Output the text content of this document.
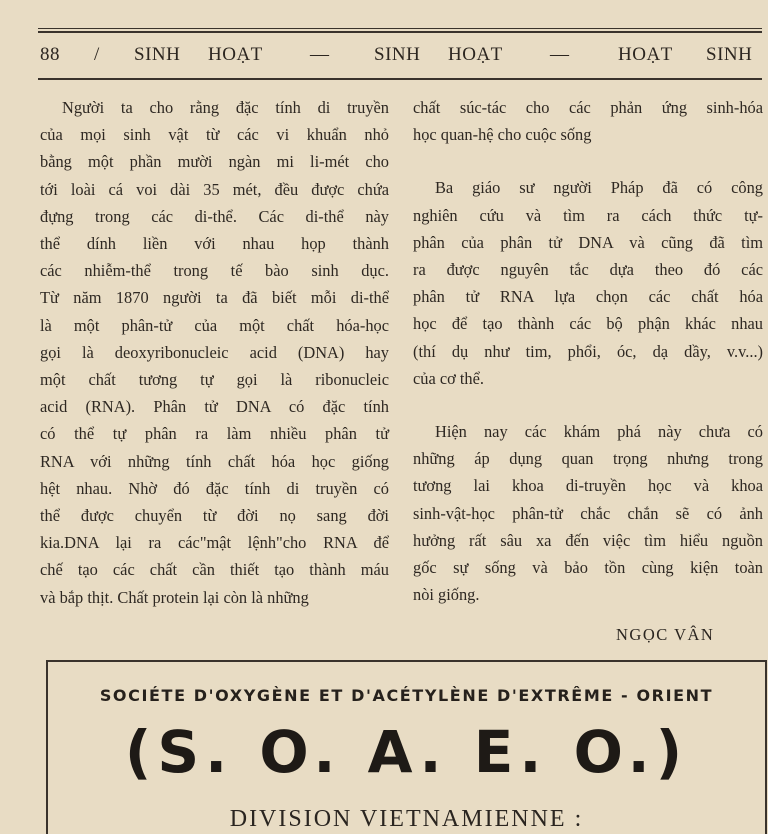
88 / SINH HOẠT — SINH HOẠT —	HOẠT SINH

Người ta cho rằng đặc tính di truyền
của mọi sinh vật từ các vi khuẩn nhỏ
bằng một phần mười ngàn mi li-mét cho
tới loài cá voi dài 35 mét, đều được chứa
đựng trong các di-thể. Các di-thể này
thể dính liền với nhau họp thành
các nhiễm-thể trong tế bào sinh dục.
Từ năm 1870 người ta đã biết mỗi di-thể
là một phân-tử của một chất hóa-học
gọi là deoxyribonucleic acid (DNA) hay
một chất tương tự gọi là ribonucleic
acid (RNA). Phân tử DNA có đặc tính
có thể tự phân ra làm nhiều phân tử
RNA với những tính chất hóa học giống
hệt nhau. Nhờ đó đặc tính di truyền có
thể được chuyển từ đời nọ sang đời
kia.DNA lại ra các"mật lệnh"cho RNA để
chế tạo các chất cần thiết tạo thành máu
và bắp thịt. Chất protein lại còn là những

chất súc-tác cho các phản ứng sinh-hóa
học quan-hệ cho cuộc sống

Ba giáo sư người Pháp đã có công
nghiên cứu và tìm ra cách thức tự-
phân của phân tử DNA và cũng đã tìm
ra được nguyên tắc dựa theo đó các
phân tử RNA lựa chọn các chất hóa
học để tạo thành các bộ phận khác nhau
(thí dụ như tim, phổi, óc, dạ dầy, v.v...)
của cơ thể.

Hiện nay các khám phá này chưa có
những áp dụng quan trọng nhưng trong
tương lai khoa di-truyền học và khoa
sinh-vật-học phân-tử chắc chắn sẽ có ảnh
hưởng rất sâu xa đến việc tìm hiểu nguồn
gốc sự sống và bảo tồn cùng kiện toàn
nòi giống.

NGỌC VÂN
SOCIÉTE D'OXYGÈNE ET D'ACÉTYLÈNE D'EXTRÊME - ORIENT
(S. O. A. E. O.)
DIVISION VIETNAMIENNE :
